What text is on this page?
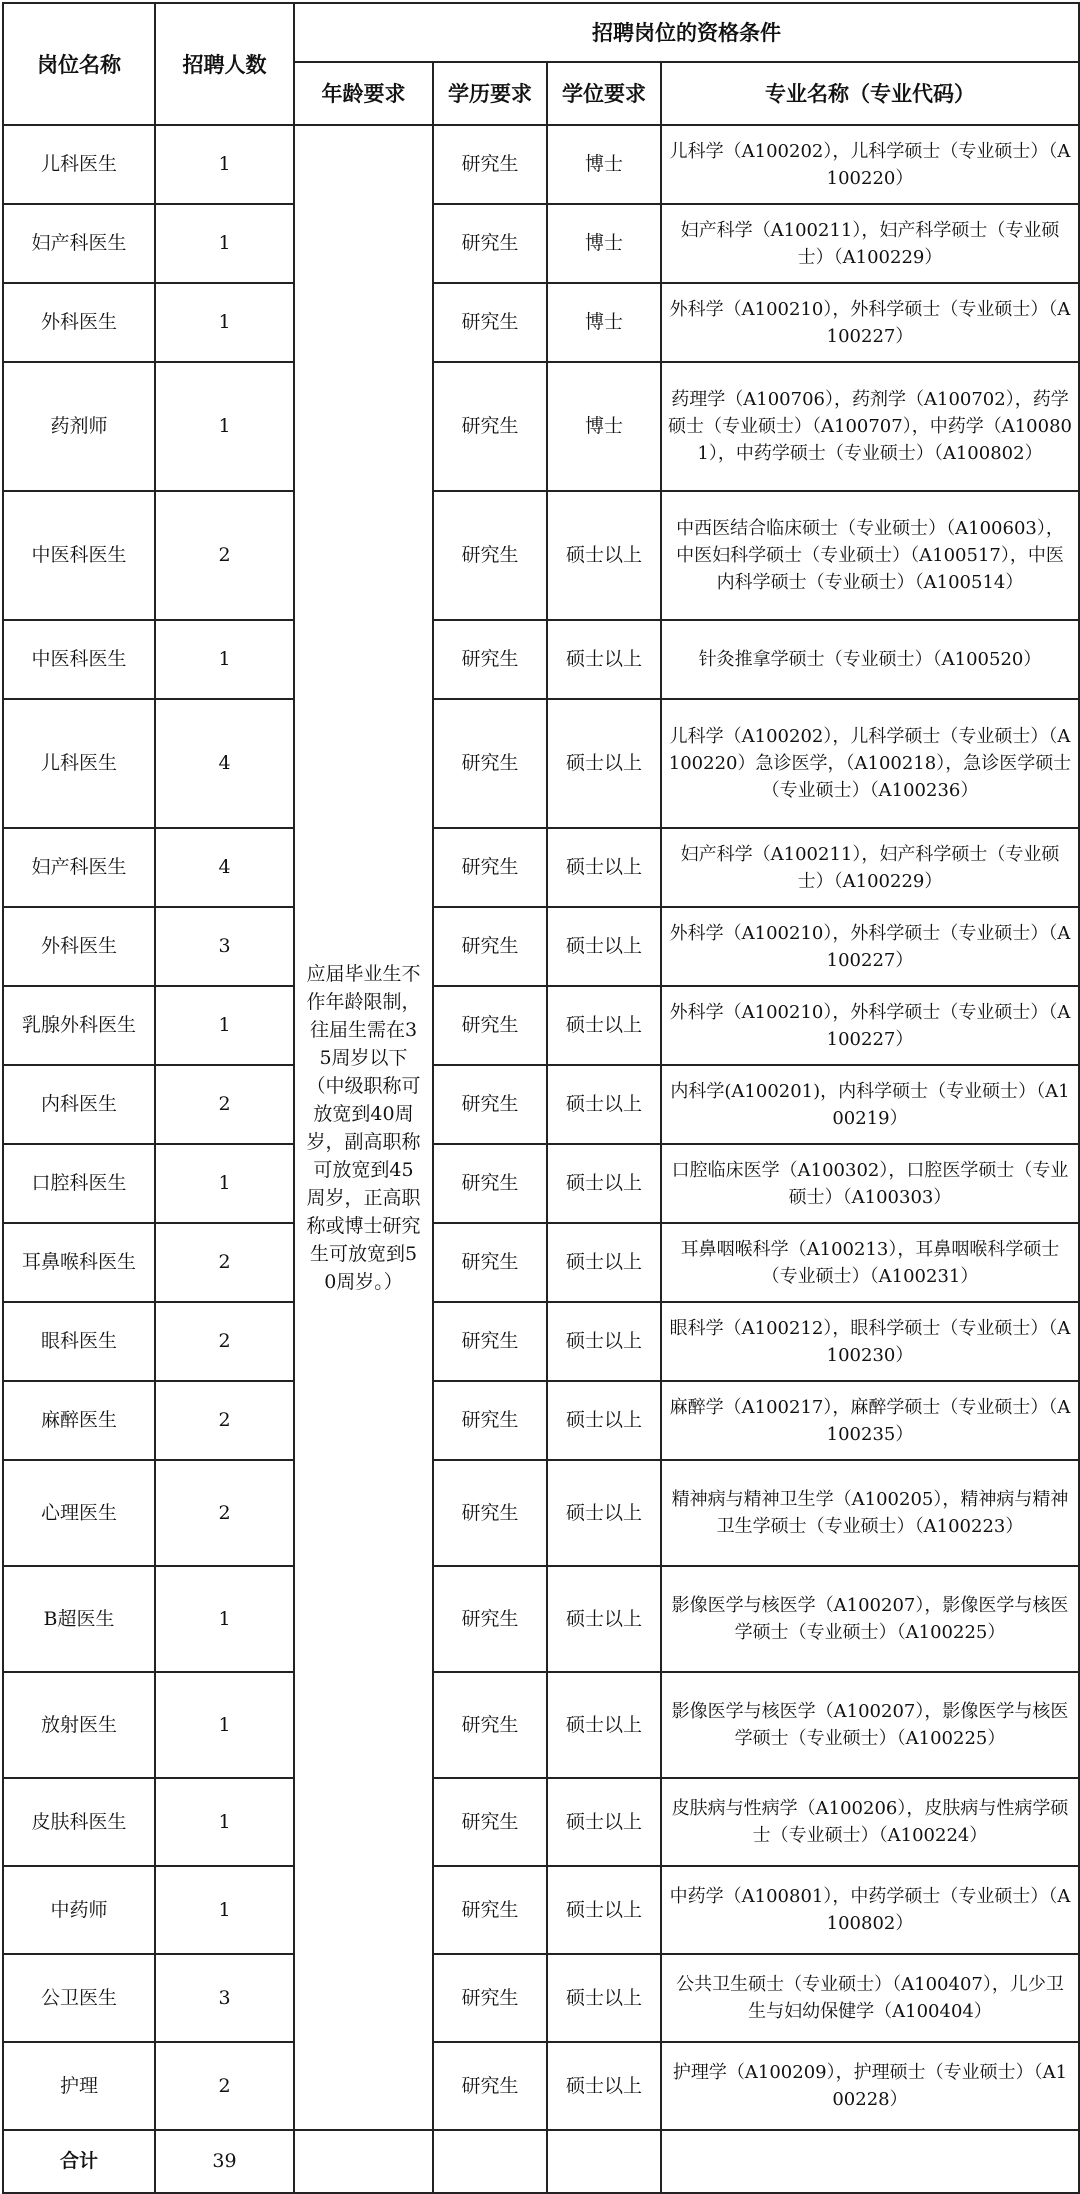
岗位名称	招聘人数	招聘岗位的资格条件			
		年龄要求	学历要求	学位要求	专业名称（专业代码）
儿科医生	1	应届毕业生不作年龄限制，往届生需在35周岁以下（中级职称可放宽到40周岁，副高职称可放宽到45周岁，正高职称或博士研究生可放宽到50周岁。）	研究生	博士	儿科学（A100202），儿科学硕士（专业硕士）（A100220）
妇产科医生	1		研究生	博士	妇产科学（A100211），妇产科学硕士（专业硕士）（A100229）
外科医生	1		研究生	博士	外科学（A100210），外科学硕士（专业硕士）（A100227）
药剂师	1		研究生	博士	药理学（A100706），药剂学（A100702），药学硕士（专业硕士）（A100707），中药学（A100801），中药学硕士（专业硕士）（A100802）
中医科医生	2		研究生	硕士以上	中西医结合临床硕士（专业硕士）（A100603），中医妇科学硕士（专业硕士）（A100517），中医内科学硕士（专业硕士）（A100514）
中医科医生	1		研究生	硕士以上	针灸推拿学硕士（专业硕士）（A100520）
儿科医生	4		研究生	硕士以上	儿科学（A100202），儿科学硕士（专业硕士）（A100220）急诊医学，（A100218），急诊医学硕士（专业硕士）（A100236）
妇产科医生	4		研究生	硕士以上	妇产科学（A100211），妇产科学硕士（专业硕士）（A100229）
外科医生	3		研究生	硕士以上	外科学（A100210），外科学硕士（专业硕士）（A100227）
乳腺外科医生	1		研究生	硕士以上	外科学（A100210），外科学硕士（专业硕士）（A100227）
内科医生	2		研究生	硕士以上	内科学(A100201)，内科学硕士（专业硕士）（A100219）
口腔科医生	1		研究生	硕士以上	口腔临床医学（A100302），口腔医学硕士（专业硕士）（A100303）
耳鼻喉科医生	2		研究生	硕士以上	耳鼻咽喉科学（A100213），耳鼻咽喉科学硕士（专业硕士）（A100231）
眼科医生	2		研究生	硕士以上	眼科学（A100212），眼科学硕士（专业硕士）（A100230）
麻醉医生	2		研究生	硕士以上	麻醉学（A100217），麻醉学硕士（专业硕士）（A100235）
心理医生	2		研究生	硕士以上	精神病与精神卫生学（A100205），精神病与精神卫生学硕士（专业硕士）（A100223）
B超医生	1		研究生	硕士以上	影像医学与核医学（A100207），影像医学与核医学硕士（专业硕士）（A100225）
放射医生	1		研究生	硕士以上	影像医学与核医学（A100207），影像医学与核医学硕士（专业硕士）（A100225）
皮肤科医生	1		研究生	硕士以上	皮肤病与性病学（A100206），皮肤病与性病学硕士（专业硕士）（A100224）
中药师	1		研究生	硕士以上	中药学（A100801），中药学硕士（专业硕士）（A100802）
公卫医生	3		研究生	硕士以上	公共卫生硕士（专业硕士）（A100407），儿少卫生与妇幼保健学（A100404）
护理	2		研究生	硕士以上	护理学（A100209），护理硕士（专业硕士）（A100228）
合计	39				
